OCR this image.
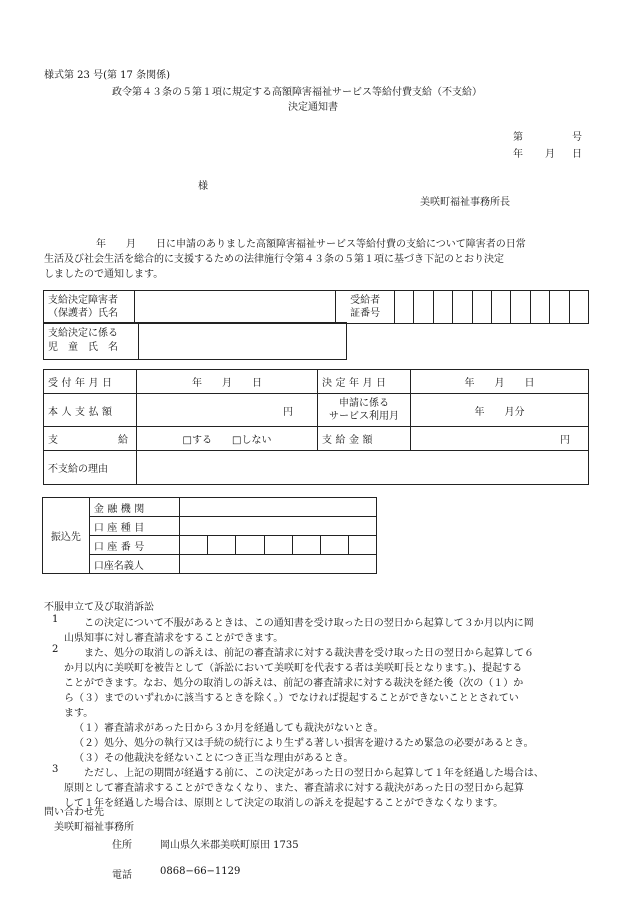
様式第 23 号(第 17 条関係)
政令第４３条の５第１項に規定する高額障害福祉サービス等給付費支給（不支給）
決定通知書
第	号
年 月 日
様
美咲町福祉事務所長
年　　月　　日に申請のありました高額障害福祉サービス等給付費の支給について障害者の日常
生活及び社会生活を総合的に支援するための法律施行令第４３条の５第１項に基づき下記のとおり決定
しましたので通知します。
支給決定障害者
（保護者）氏名		受給者
証番号										
支給決定に係る
児　童　氏　名	
受付年月日	年　　月　　日	決定年月日	年　　月　　日
本人支払額	円	申請に係る
サービス利用月	年　　月分
支 給	□する　　□しない	支給金額	円
不支給の理由			
振込先	金融機関							
	口座種目							
	口座番号							
	口座名義人							
不服申立て及び取消訴訟
1	この決定について不服があるときは、この通知書を受け取った日の翌日から起算して３か月以内に岡
山県知事に対し審査請求をすることができます。
2	また、処分の取消しの訴えは、前記の審査請求に対する裁決書を受け取った日の翌日から起算して６
か月以内に美咲町を被告として（訴訟において美咲町を代表する者は美咲町長となります。)、提起する
ことができます。なお、処分の取消しの訴えは、前記の審査請求に対する裁決を経た後（次の（１）か
ら（３）までのいずれかに該当するときを除く。）でなければ提起することができないこととされてい
ます。
（１）審査請求があった日から３か月を経過しても裁決がないとき。
（２）処分、処分の執行又は手続の続行により生ずる著しい損害を避けるため緊急の必要があるとき。
（３）その他裁決を経ないことにつき正当な理由があるとき。
3	ただし、上記の期間が経過する前に、この決定があった日の翌日から起算して１年を経過した場合は、
原則として審査請求することができなくなり、また、審査請求に対する裁決があった日の翌日から起算
して１年を経過した場合は、原則として決定の取消しの訴えを提起することができなくなります。
問い合わせ先
美咲町福祉事務所
住所	岡山県久米郡美咲町原田 1735
電話	0868−66−1129
